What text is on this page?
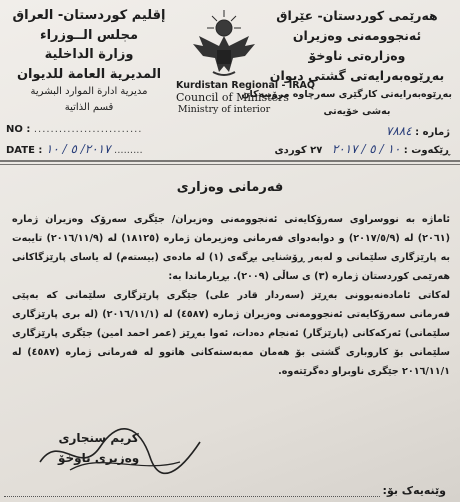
إقليم كوردستان- العراق
مجلس الــوزراء
وزارة الداخلية
المديرية العامة للديوان
مديرية ادارة الموارد البشرية
قسم الذاتية
Kurdistan Regional - IRAQ
Council of Ministers
Ministry of interior
هەرێمی کوردستان- عێراق
ئەنجوومەنی وەزیران
وەزارەتی ناوخۆ
بەڕێوەبەرایەتی گشتی دیوان
بەڕێوەبەرایەتی کارگێری سەرچاوە مرۆییەکان
بەشی خۆیەتی
NO : ..........................
DATE : ٢٠١٧/ ٥ / ١٠ .........
ژمارە : ٧٨٨٤
ڕێکەوت : ١٠ / ٥ / ٢٠١٧ ٢٧ کوردی
فەرمانی وەزاری

ئاماژە بە نووسراوی سەرۆکایەتی ئەنجوومەنی وەزیران/ جێگری سەرۆک وەزیران ژمارە (٢٠٦١) لە (٢٠١٧/٥/٩) و دوابەدوای فەرمانی وەزیرمان ژمارە (١٨١٢٥) لە (٢٠١٦/١١/٩) تایبەت بە پارێزگاری سلێمانی و لەبەر ڕۆشنایی بڕگەی (١) لە مادەی (بیستەم) لە یاسای پارێزگاکانی هەرێمی کوردستان ژمارە (٣) ی ساڵی (٢٠٠٩). بڕیارماندا بە:

لەکاتی ئامادەنەبوونی بەڕێز (سەردار قادر علی) جێگری پارێزگاری سلێمانی کە بەپێی فەرمانی سەرۆکایەتی ئەنجوومەنی وەزیران ژمارە (٤٥٨٧) لە (٢٠١٦/١١/١) (لە بری پارێزگاری سلێمانی) ئەرکەکانی (پارێزگار) ئەنجام دەدات، ئەوا بەڕێز (عمر احمد امین) جێگری پارێزگاری سلێمانی بۆ کاروباری گشتی بۆ هەمان مەبەستەکانی هاتوو لە فەرمانی ژمارە (٤٥٨٧) لە ٢٠١٦/١١/١ جێگری ناوبراو دەگرێتەوە.

کریم سنجاری
وەزیری ناوخۆ
وێنەیەک بۆ:
